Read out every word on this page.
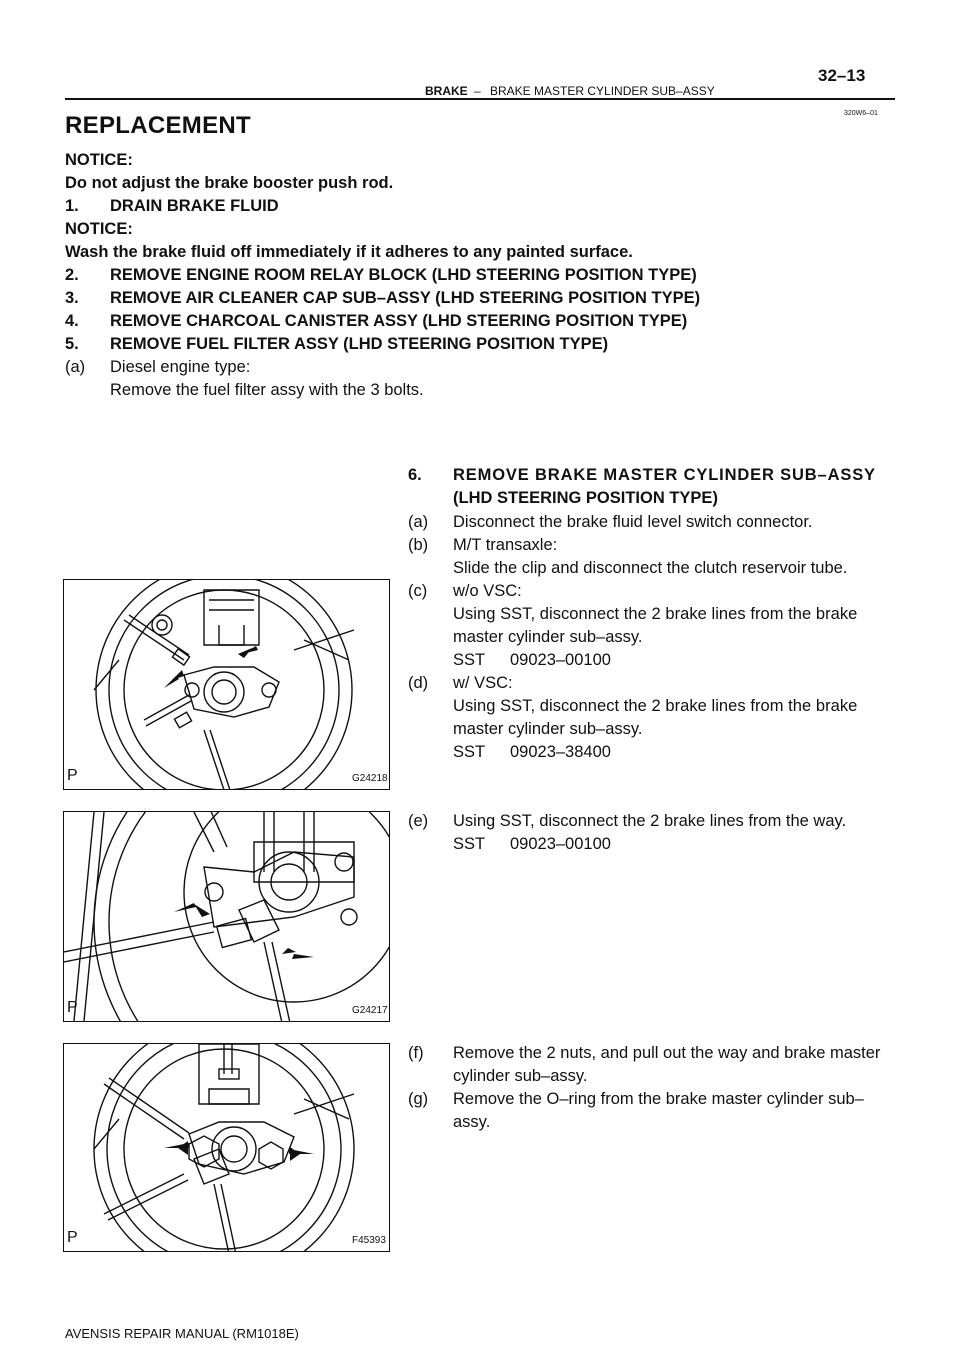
32–13
BRAKE – BRAKE MASTER CYLINDER SUB–ASSY
320W6–01
REPLACEMENT
NOTICE:
Do not adjust the brake booster push rod.
1. DRAIN BRAKE FLUID
NOTICE:
Wash the brake fluid off immediately if it adheres to any painted surface.
2. REMOVE ENGINE ROOM RELAY BLOCK (LHD STEERING POSITION TYPE)
3. REMOVE AIR CLEANER CAP SUB–ASSY (LHD STEERING POSITION TYPE)
4. REMOVE CHARCOAL CANISTER ASSY (LHD STEERING POSITION TYPE)
5. REMOVE FUEL FILTER ASSY (LHD STEERING POSITION TYPE)
(a) Diesel engine type:
Remove the fuel filter assy with the 3 bolts.
6. REMOVE BRAKE MASTER CYLINDER SUB–ASSY
(LHD STEERING POSITION TYPE)
(a) Disconnect the brake fluid level switch connector.
(b) M/T transaxle:
Slide the clip and disconnect the clutch reservoir tube.
(c) w/o VSC:
Using SST, disconnect the 2 brake lines from the brake
master cylinder sub–assy.
SST 09023–00100
(d) w/ VSC:
Using SST, disconnect the 2 brake lines from the brake
master cylinder sub–assy.
SST 09023–38400
(e) Using SST, disconnect the 2 brake lines from the way.
SST 09023–00100
(f) Remove the 2 nuts, and pull out the way and brake master
cylinder sub–assy.
(g) Remove the O–ring from the brake master cylinder sub–
assy.
P	G24218
P	G24217
P	F45393
AVENSIS REPAIR MANUAL (RM1018E)
